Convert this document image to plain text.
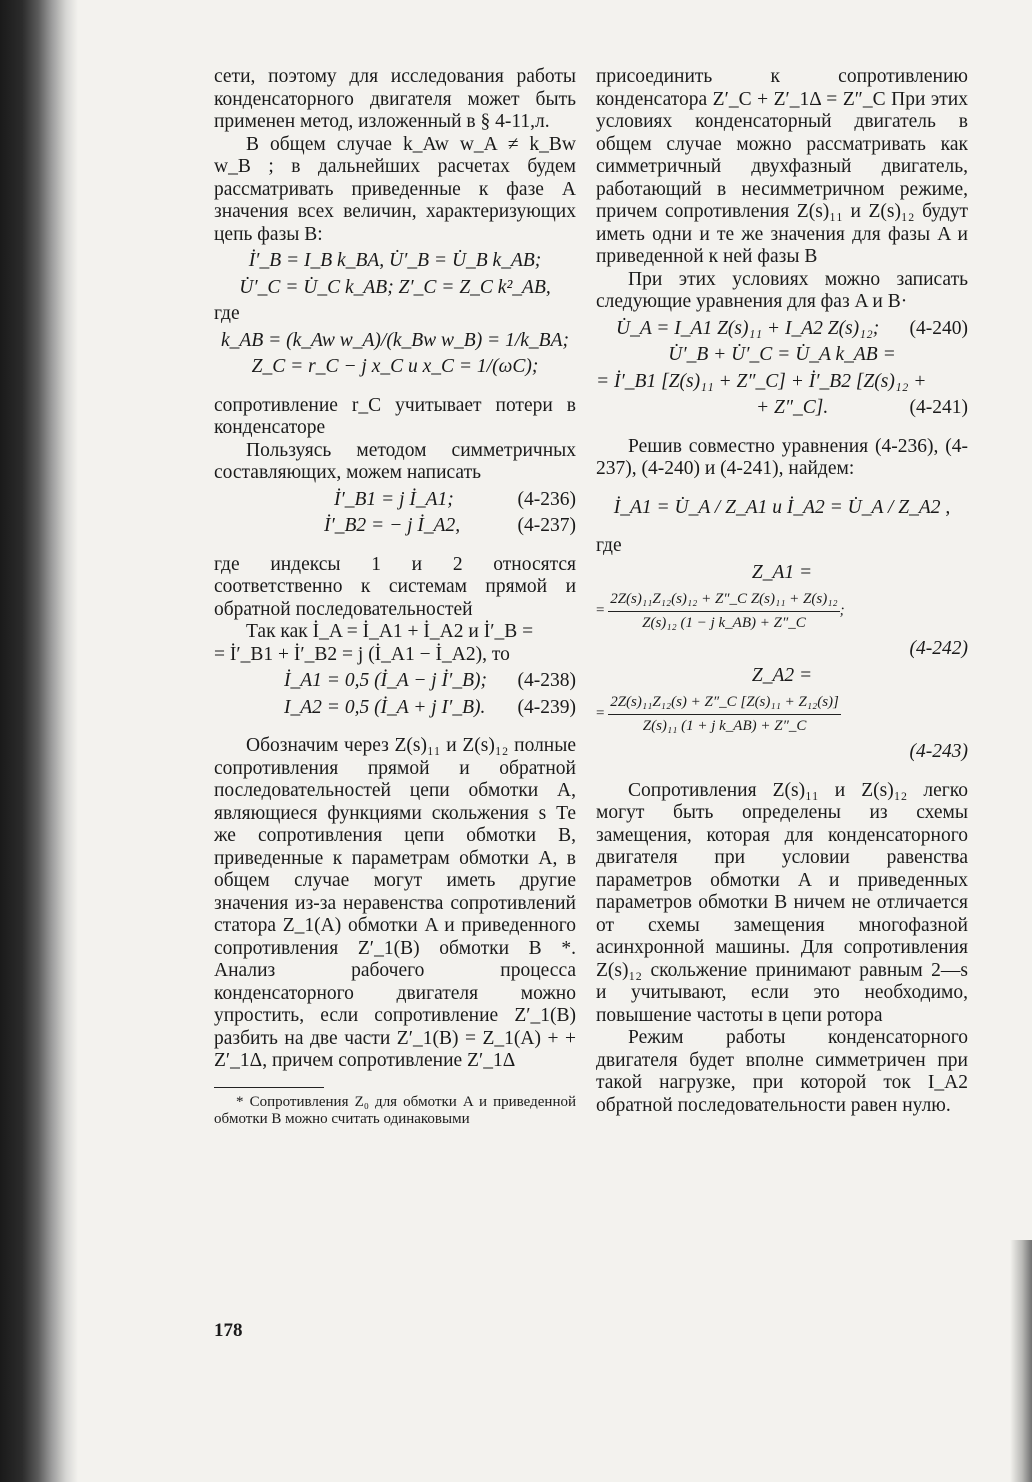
сети, поэтому для исследования работы конденсаторного двигателя может быть применен метод, изложенный в § 4-11,л.

В общем случае k_Aw w_A ≠ k_Bw w_B ; в дальнейших расчетах будем рассматривать приведенные к фазе A значения всех величин, характеризующих цепь фазы B:

İ′_B = I_B k_BA, U̇′_B = U̇_B k_AB;
U̇′_C = U̇_C k_AB; Z′_C = Z_C k²_AB,

где

k_AB = (k_Aw w_A)/(k_Bw w_B) = 1/k_BA;
Z_C = r_C − j x_C и x_C = 1/(ωC);

сопротивление r_C учитывает потери в конденсаторе

Пользуясь методом симметричных составляющих, можем написать

İ′_B1 = j İ_A1;	(4-236)
İ′_B2 = − j İ_A2,	(4-237)

где индексы 1 и 2 относятся соответственно к системам прямой и обратной последовательностей

Так как İ_A = İ_A1 + İ_A2 и İ′_B =

= İ′_B1 + İ′_B2 = j (İ_A1 − İ_A2), то

İ_A1 = 0,5 (İ_A − j İ′_B); (4-238)
I_A2 = 0,5 (İ_A + j I′_B). (4-239)

Обозначим через Z(s)₁₁ и Z(s)₁₂ полные сопротивления прямой и обратной последовательностей цепи обмотки A, являющиеся функциями скольжения s Те же сопротивления цепи обмотки B, приведенные к параметрам обмотки A, в общем случае могут иметь другие значения из-за неравенства сопротивлений статора Z_1(A) обмотки A и приведенного сопротивления Z′_1(B) обмотки B *. Анализ рабочего процесса конденсаторного двигателя можно упростить, если сопротивление Z′_1(B) разбить на две части Z′_1(B) = Z_1(A) + + Z′_1Δ, причем сопротивление Z′_1Δ

* Сопротивления Z₀ для обмотки A и приведенной обмотки B можно считать одинаковыми

присоединить к сопротивлению конденсатора Z′_C + Z′_1Δ = Z″_C При этих условиях конденсаторный двигатель в общем случае можно рассматривать как симметричный двухфазный двигатель, работающий в несимметричном режиме, причем сопротивления Z(s)₁₁ и Z(s)₁₂ будут иметь одни и те же значения для фазы A и приведенной к ней фазы B

При этих условиях можно записать следующие уравнения для фаз A и B·

U̇_A = I_A1 Z(s)₁₁ + I_A2 Z(s)₁₂; (4-240)
U̇′_B + U̇′_C = U̇_A k_AB =
= İ′_B1 [Z(s)₁₁ + Z″_C] + İ′_B2 [Z(s)₁₂ +
+ Z″_C].	(4-241)

Решив совместно уравнения (4-236), (4-237), (4-240) и (4-241), найдем:

İ_A1 = U̇_A / Z_A1 и İ_A2 = U̇_A / Z_A2 ,

где

Z_A1 =
= $\frac{\text{2Z(s)₁₁Z₁₂(s)₁₂ + Z″\_C Z(s)₁₁ + Z(s)₁₂}}{\text{Z(s)₁₂ (1 − j k\_AB) + Z″\_C}}$ ;
(4-242)
Z_A2 =
= $\frac{\text{2Z(s)₁₁Z₁₂(s) + Z″\_C [Z(s)₁₁ + Z₁₂(s)]}}{\text{Z(s)₁₁ (1 + j k\_AB) + Z″\_C}}$
(4-243)

Сопротивления Z(s)₁₁ и Z(s)₁₂ легко могут быть определены из схемы замещения, которая для конденсаторного двигателя при условии равенства параметров обмотки A и приведенных параметров обмотки B ничем не отличается от схемы замещения многофазной асинхронной машины. Для сопротивления Z(s)₁₂ скольжение принимают равным 2—s и учитывают, если это необходимо, повышение частоты в цепи ротора

Режим работы конденсаторного двигателя будет вполне симметричен при такой нагрузке, при которой ток I_A2 обратной последовательности равен нулю.

178
